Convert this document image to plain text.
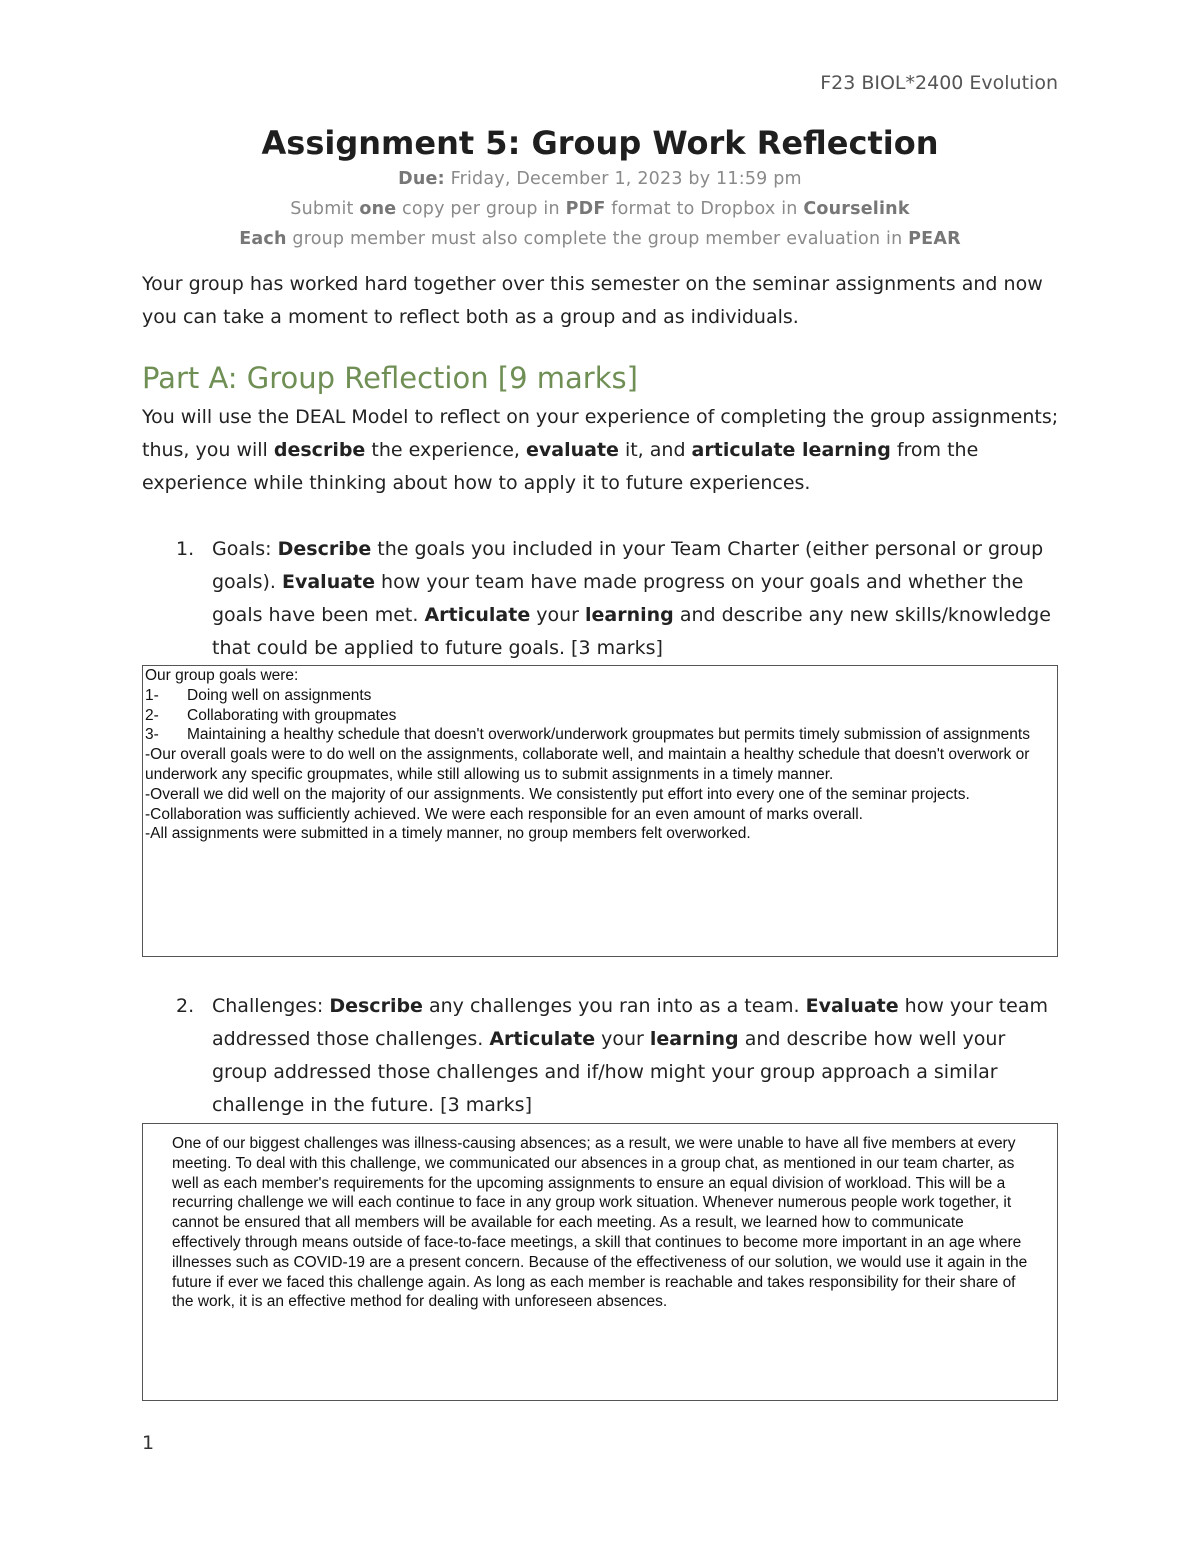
F23 BIOL*2400 Evolution
Assignment 5: Group Work Reflection
Due: Friday, December 1, 2023 by 11:59 pm
Submit one copy per group in PDF format to Dropbox in Courselink
Each group member must also complete the group member evaluation in PEAR
Your group has worked hard together over this semester on the seminar assignments and now you can take a moment to reflect both as a group and as individuals.
Part A: Group Reflection [9 marks]
You will use the DEAL Model to reflect on your experience of completing the group assignments; thus, you will describe the experience, evaluate it, and articulate learning from the experience while thinking about how to apply it to future experiences.
1. Goals: Describe the goals you included in your Team Charter (either personal or group goals). Evaluate how your team have made progress on your goals and whether the goals have been met. Articulate your learning and describe any new skills/knowledge that could be applied to future goals. [3 marks]
Our group goals were:
1- Doing well on assignments
2- Collaborating with groupmates
3- Maintaining a healthy schedule that doesn't overwork/underwork groupmates but permits timely submission of assignments
-Our overall goals were to do well on the assignments, collaborate well, and maintain a healthy schedule that doesn't overwork or underwork any specific groupmates, while still allowing us to submit assignments in a timely manner.
-Overall we did well on the majority of our assignments. We consistently put effort into every one of the seminar projects.
-Collaboration was sufficiently achieved. We were each responsible for an even amount of marks overall.
-All assignments were submitted in a timely manner, no group members felt overworked.
2. Challenges: Describe any challenges you ran into as a team. Evaluate how your team addressed those challenges. Articulate your learning and describe how well your group addressed those challenges and if/how might your group approach a similar challenge in the future. [3 marks]
One of our biggest challenges was illness-causing absences; as a result, we were unable to have all five members at every meeting. To deal with this challenge, we communicated our absences in a group chat, as mentioned in our team charter, as well as each member's requirements for the upcoming assignments to ensure an equal division of workload. This will be a recurring challenge we will each continue to face in any group work situation. Whenever numerous people work together, it cannot be ensured that all members will be available for each meeting. As a result, we learned how to communicate effectively through means outside of face-to-face meetings, a skill that continues to become more important in an age where illnesses such as COVID-19 are a present concern. Because of the effectiveness of our solution, we would use it again in the future if ever we faced this challenge again. As long as each member is reachable and takes responsibility for their share of the work, it is an effective method for dealing with unforeseen absences.
1
